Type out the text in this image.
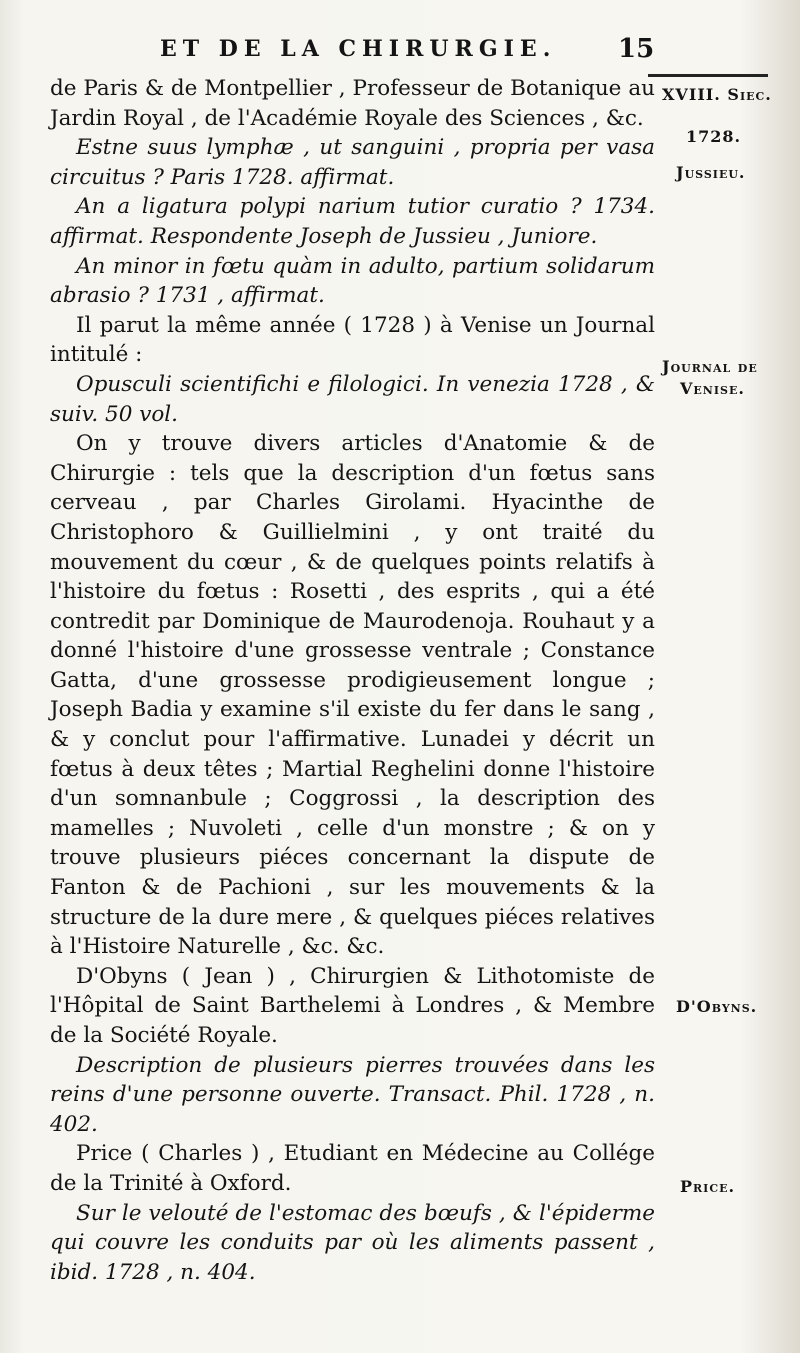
ET DE LA CHIRURGIE. 15

de Paris & de Montpellier , Professeur de Botanique au Jardin Royal , de l'Académie Royale des Sciences , &c.

Estne suus lymphæ , ut sanguini , propria per vasa circuitus ? Paris 1728. affirmat.

An a ligatura polypi narium tutior curatio ? 1734. affirmat. Respondente Joseph de Jussieu , Juniore.

An minor in fœtu quàm in adulto, partium solidarum abrasio ? 1731 , affirmat.

Il parut la même année ( 1728 ) à Venise un Journal intitulé :

Opusculi scientifichi e filologici. In venezia 1728 , & suiv. 50 vol.

On y trouve divers articles d'Anatomie & de Chirurgie : tels que la description d'un fœtus sans cerveau , par Charles Girolami. Hyacinthe de Christophoro & Guillielmini , y ont traité du mouvement du cœur , & de quelques points relatifs à l'histoire du fœtus : Rosetti , des esprits , qui a été contredit par Dominique de Maurodenoja. Rouhaut y a donné l'histoire d'une grossesse ventrale ; Constance Gatta, d'une grossesse prodigieusement longue ; Joseph Badia y examine s'il existe du fer dans le sang , & y conclut pour l'affirmative. Lunadei y décrit un fœtus à deux têtes ; Martial Reghelini donne l'histoire d'un somnanbule ; Coggrossi , la description des mamelles ; Nuvoleti , celle d'un monstre ; & on y trouve plusieurs piéces concernant la dispute de Fanton & de Pachioni , sur les mouvements & la structure de la dure mere , & quelques piéces relatives à l'Histoire Naturelle , &c. &c.

D'Obyns ( Jean ) , Chirurgien & Lithotomiste de l'Hôpital de Saint Barthelemi à Londres , & Membre de la Société Royale.

Description de plusieurs pierres trouvées dans les reins d'une personne ouverte. Transact. Phil. 1728 , n. 402.

Price ( Charles ) , Etudiant en Médecine au Collége de la Trinité à Oxford.

Sur le velouté de l'estomac des bœufs , & l'épiderme qui couvre les conduits par où les aliments passent , ibid. 1728 , n. 404.

XVIII. Siec.
1728.
Jussieu.
Journal de
Venise.
D'Obyns.
Price.
